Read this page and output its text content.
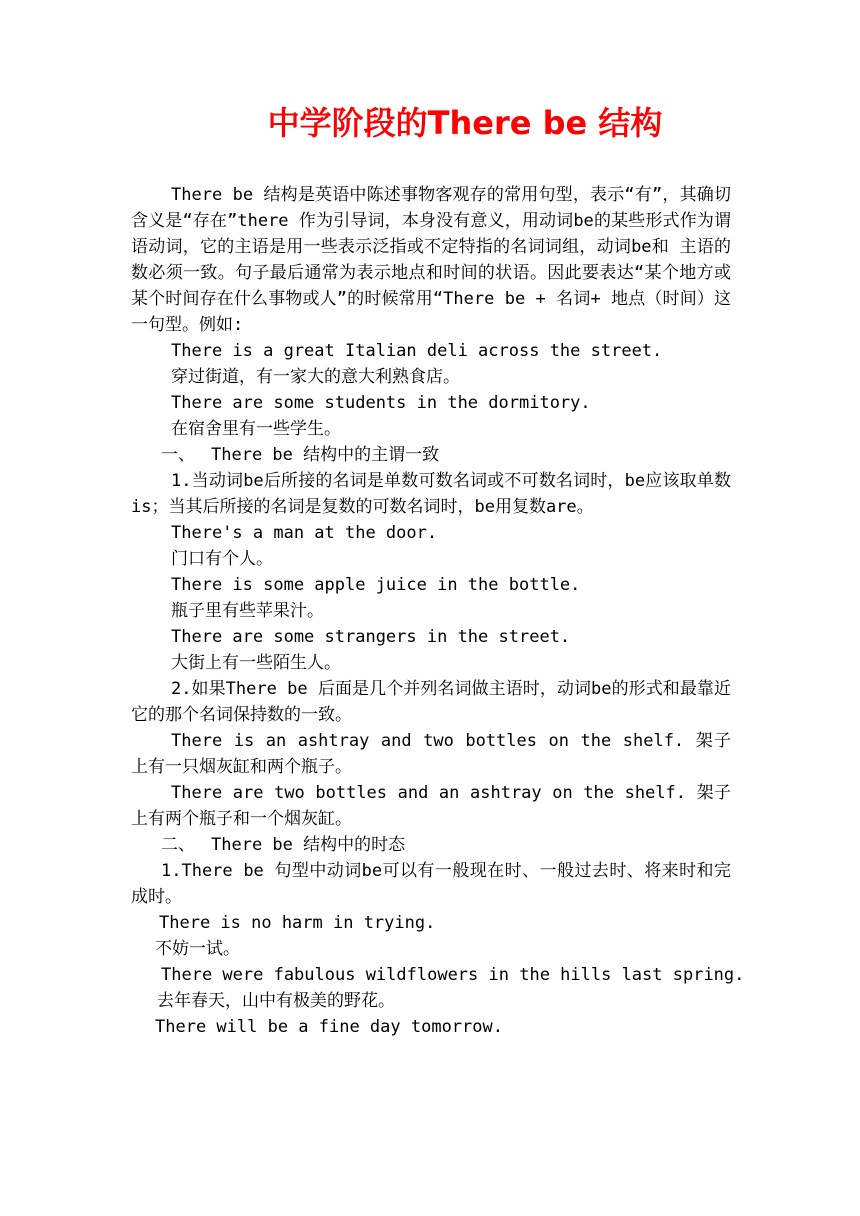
中学阶段的There be 结构

There be 结构是英语中陈述事物客观存的常用句型，表示“有”，其确切含义是“存在”there 作为引导词，本身没有意义，用动词be的某些形式作为谓语动词，它的主语是用一些表示泛指或不定特指的名词词组，动词be和 主语的数必须一致。句子最后通常为表示地点和时间的状语。因此要表达“某个地方或某个时间存在什么事物或人”的时候常用“There be + 名词+ 地点（时间）这一句型。例如:

There is a great Italian deli across the street.

穿过街道，有一家大的意大利熟食店。

There are some students in the dormitory.

在宿舍里有一些学生。

一、 There be 结构中的主谓一致

1.当动词be后所接的名词是单数可数名词或不可数名词时，be应该取单数is；当其后所接的名词是复数的可数名词时，be用复数are。

There's a man at the door.

门口有个人。

There is some apple juice in the bottle.

瓶子里有些苹果汁。

There are some strangers in the street.

大街上有一些陌生人。

2.如果There be 后面是几个并列名词做主语时，动词be的形式和最靠近它的那个名词保持数的一致。

There is an ashtray and two bottles on the shelf. 架子上有一只烟灰缸和两个瓶子。

There are two bottles and an ashtray on the shelf. 架子上有两个瓶子和一个烟灰缸。

二、 There be 结构中的时态

1.There be 句型中动词be可以有一般现在时、一般过去时、将来时和完成时。

There is no harm in trying.

不妨一试。

There were fabulous wildflowers in the hills last spring.

去年春天，山中有极美的野花。

There will be a fine day tomorrow.
